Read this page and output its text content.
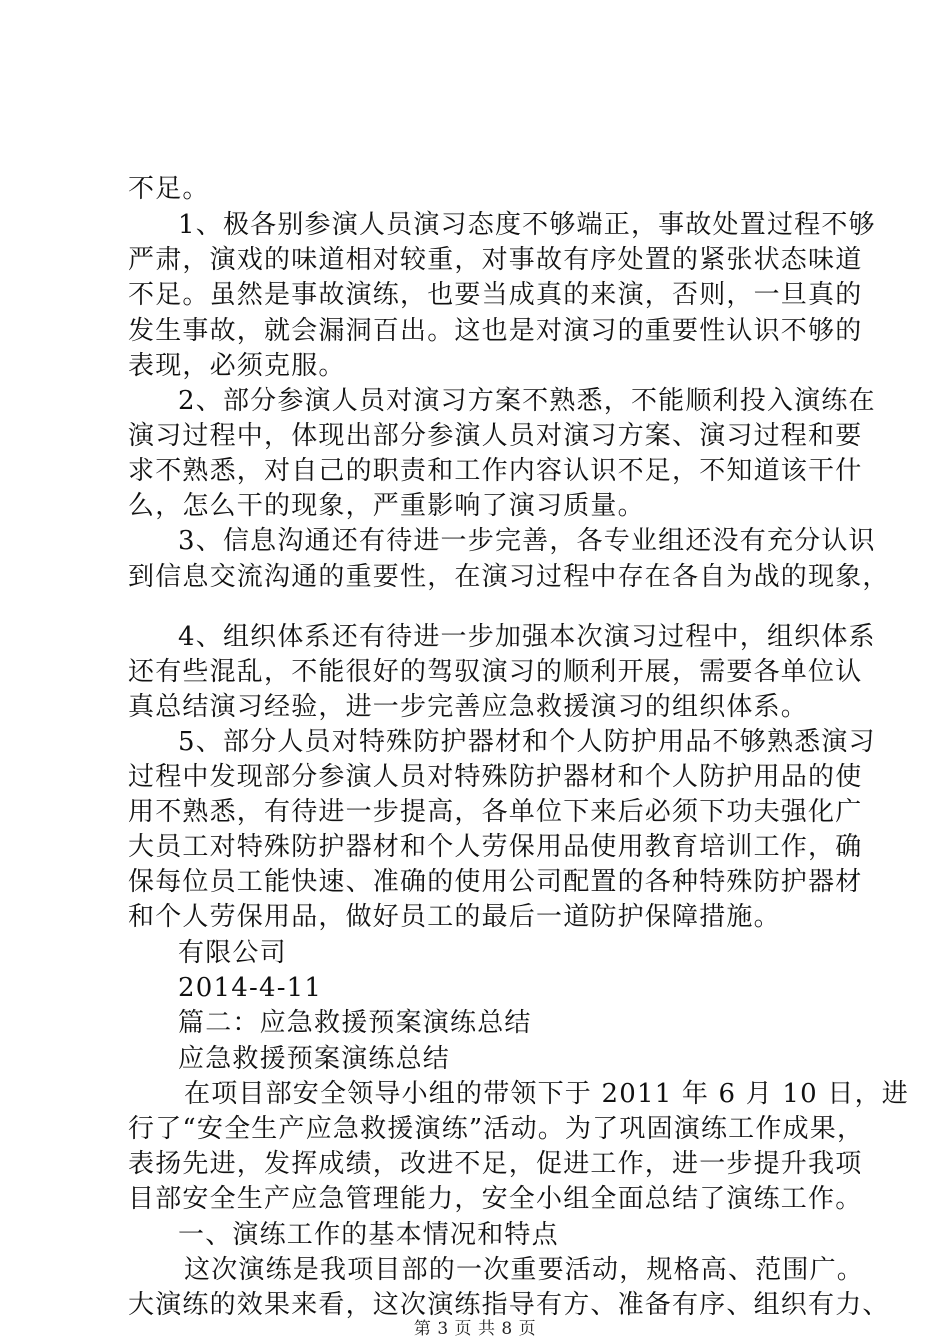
不足。
1、极各别参演人员演习态度不够端正，事故处置过程不够
严肃，演戏的味道相对较重，对事故有序处置的紧张状态味道
不足。虽然是事故演练，也要当成真的来演，否则，一旦真的
发生事故，就会漏洞百出。这也是对演习的重要性认识不够的
表现，必须克服。
2、部分参演人员对演习方案不熟悉，不能顺利投入演练在
演习过程中，体现出部分参演人员对演习方案、演习过程和要
求不熟悉，对自己的职责和工作内容认识不足，不知道该干什
么，怎么干的现象，严重影响了演习质量。
3、信息沟通还有待进一步完善，各专业组还没有充分认识
到信息交流沟通的重要性，在演习过程中存在各自为战的现象，
4、组织体系还有待进一步加强本次演习过程中，组织体系
还有些混乱，不能很好的驾驭演习的顺利开展，需要各单位认
真总结演习经验，进一步完善应急救援演习的组织体系。
5、部分人员对特殊防护器材和个人防护用品不够熟悉演习
过程中发现部分参演人员对特殊防护器材和个人防护用品的使
用不熟悉，有待进一步提高，各单位下来后必须下功夫强化广
大员工对特殊防护器材和个人劳保用品使用教育培训工作，确
保每位员工能快速、准确的使用公司配置的各种特殊防护器材
和个人劳保用品，做好员工的最后一道防护保障措施。
有限公司
2014-4-11
篇二：应急救援预案演练总结
应急救援预案演练总结
在项目部安全领导小组的带领下于 2011 年 6 月 10 日，进
行了“安全生产应急救援演练”活动。为了巩固演练工作成果，
表扬先进，发挥成绩，改进不足，促进工作，进一步提升我项
目部安全生产应急管理能力，安全小组全面总结了演练工作。
一、演练工作的基本情况和特点
这次演练是我项目部的一次重要活动，规格高、范围广。
大演练的效果来看，这次演练指导有方、准备有序、组织有力、
第 3 页 共 8 页
